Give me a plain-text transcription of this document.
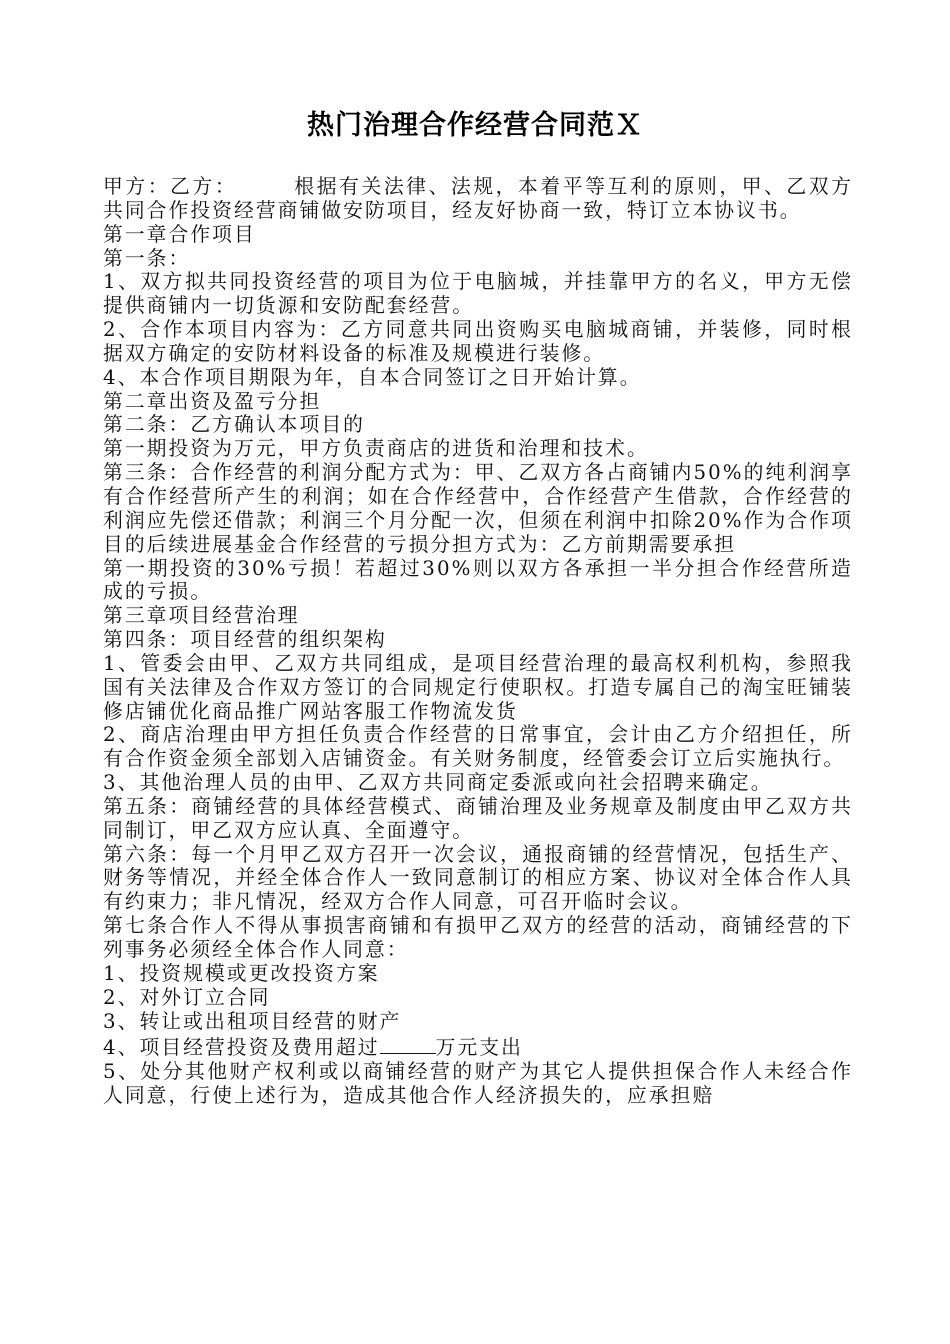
热门治理合作经营合同范Ｘ

甲方：乙方：　　　根据有关法律、法规，本着平等互利的原则，甲、乙双方共同合作投资经营商铺做安防项目，经友好协商一致，特订立本协议书。

第一章合作项目

第一条：

1、双方拟共同投资经营的项目为位于电脑城，并挂靠甲方的名义，甲方无偿提供商铺内一切货源和安防配套经营。

2、合作本项目内容为：乙方同意共同出资购买电脑城商铺，并装修，同时根据双方确定的安防材料设备的标准及规模进行装修。

4、本合作项目期限为年，自本合同签订之日开始计算。

第二章出资及盈亏分担

第二条：乙方确认本项目的

第一期投资为万元，甲方负责商店的进货和治理和技术。

第三条：合作经营的利润分配方式为：甲、乙双方各占商铺内50%的纯利润享有合作经营所产生的利润；如在合作经营中，合作经营产生借款，合作经营的利润应先偿还借款；利润三个月分配一次，但须在利润中扣除20%作为合作项目的后续进展基金合作经营的亏损分担方式为：乙方前期需要承担

第一期投资的30%亏损！若超过30%则以双方各承担一半分担合作经营所造成的亏损。

第三章项目经营治理

第四条：项目经营的组织架构

1、管委会由甲、乙双方共同组成，是项目经营治理的最高权利机构，参照我国有关法律及合作双方签订的合同规定行使职权。打造专属自己的淘宝旺铺装修店铺优化商品推广网站客服工作物流发货

2、商店治理由甲方担任负责合作经营的日常事宜，会计由乙方介绍担任，所有合作资金须全部划入店铺资金。有关财务制度，经管委会订立后实施执行。

3、其他治理人员的由甲、乙双方共同商定委派或向社会招聘来确定。

第五条：商铺经营的具体经营模式、商铺治理及业务规章及制度由甲乙双方共同制订，甲乙双方应认真、全面遵守。

第六条：每一个月甲乙双方召开一次会议，通报商铺的经营情况，包括生产、财务等情况，并经全体合作人一致同意制订的相应方案、协议对全体合作人具有约束力；非凡情况，经双方合作人同意，可召开临时会议。

第七条合作人不得从事损害商铺和有损甲乙双方的经营的活动，商铺经营的下列事务必须经全体合作人同意：

1、投资规模或更改投资方案

2、对外订立合同

3、转让或出租项目经营的财产

4、项目经营投资及费用超过	万元支出

5、处分其他财产权利或以商铺经营的财产为其它人提供担保合作人未经合作人同意，行使上述行为，造成其他合作人经济损失的，应承担赔
